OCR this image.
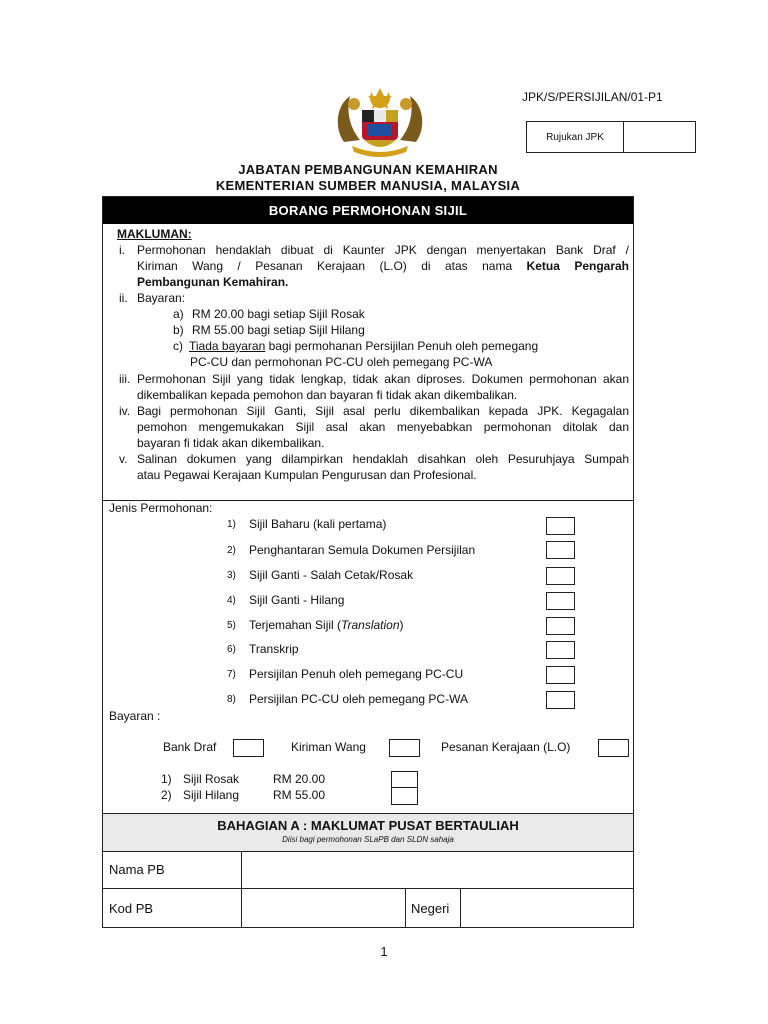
JPK/S/PERSIJILAN/01-P1
Rujukan JPK
JABATAN PEMBANGUNAN KEMAHIRAN
KEMENTERIAN SUMBER MANUSIA, MALAYSIA
BORANG PERMOHONAN SIJIL
MAKLUMAN:
i. Permohonan hendaklah dibuat di Kaunter JPK dengan menyertakan Bank Draf /
Kiriman Wang / Pesanan Kerajaan (L.O) di atas nama Ketua Pengarah
Pembangunan Kemahiran.
ii. Bayaran:
a) RM 20.00 bagi setiap Sijil Rosak
b) RM 55.00 bagi setiap Sijil Hilang
c) Tiada bayaran bagi permohanan Persijilan Penuh oleh pemegang
PC-CU dan permohonan PC-CU oleh pemegang PC-WA
iii. Permohonan Sijil yang tidak lengkap, tidak akan diproses. Dokumen permohonan akan
dikembalikan kepada pemohon dan bayaran fi tidak akan dikembalikan.
iv. Bagi permohonan Sijil Ganti, Sijil asal perlu dikembalikan kepada JPK. Kegagalan
pemohon mengemukakan Sijil asal akan menyebabkan permohonan ditolak dan
bayaran fi tidak akan dikembalikan.
v. Salinan dokumen yang dilampirkan hendaklah disahkan oleh Pesuruhjaya Sumpah
atau Pegawai Kerajaan Kumpulan Pengurusan dan Profesional.
Jenis Permohonan:
1) Sijil Baharu (kali pertama)
2) Penghantaran Semula Dokumen Persijilan
3) Sijil Ganti - Salah Cetak/Rosak
4) Sijil Ganti - Hilang
5) Terjemahan Sijil (Translation)
6) Transkrip
7) Persijilan Penuh oleh pemegang PC-CU
8) Persijilan PC-CU oleh pemegang PC-WA
Bayaran :
Bank Draf	Kiriman Wang	Pesanan Kerajaan (L.O)
1) Sijil Rosak	RM 20.00
2) Sijil Hilang	RM 55.00
BAHAGIAN A : MAKLUMAT PUSAT BERTAULIAH
Diisi bagi permohonan SLaPB dan SLDN sahaja
Nama PB
Kod PB	Negeri
1
